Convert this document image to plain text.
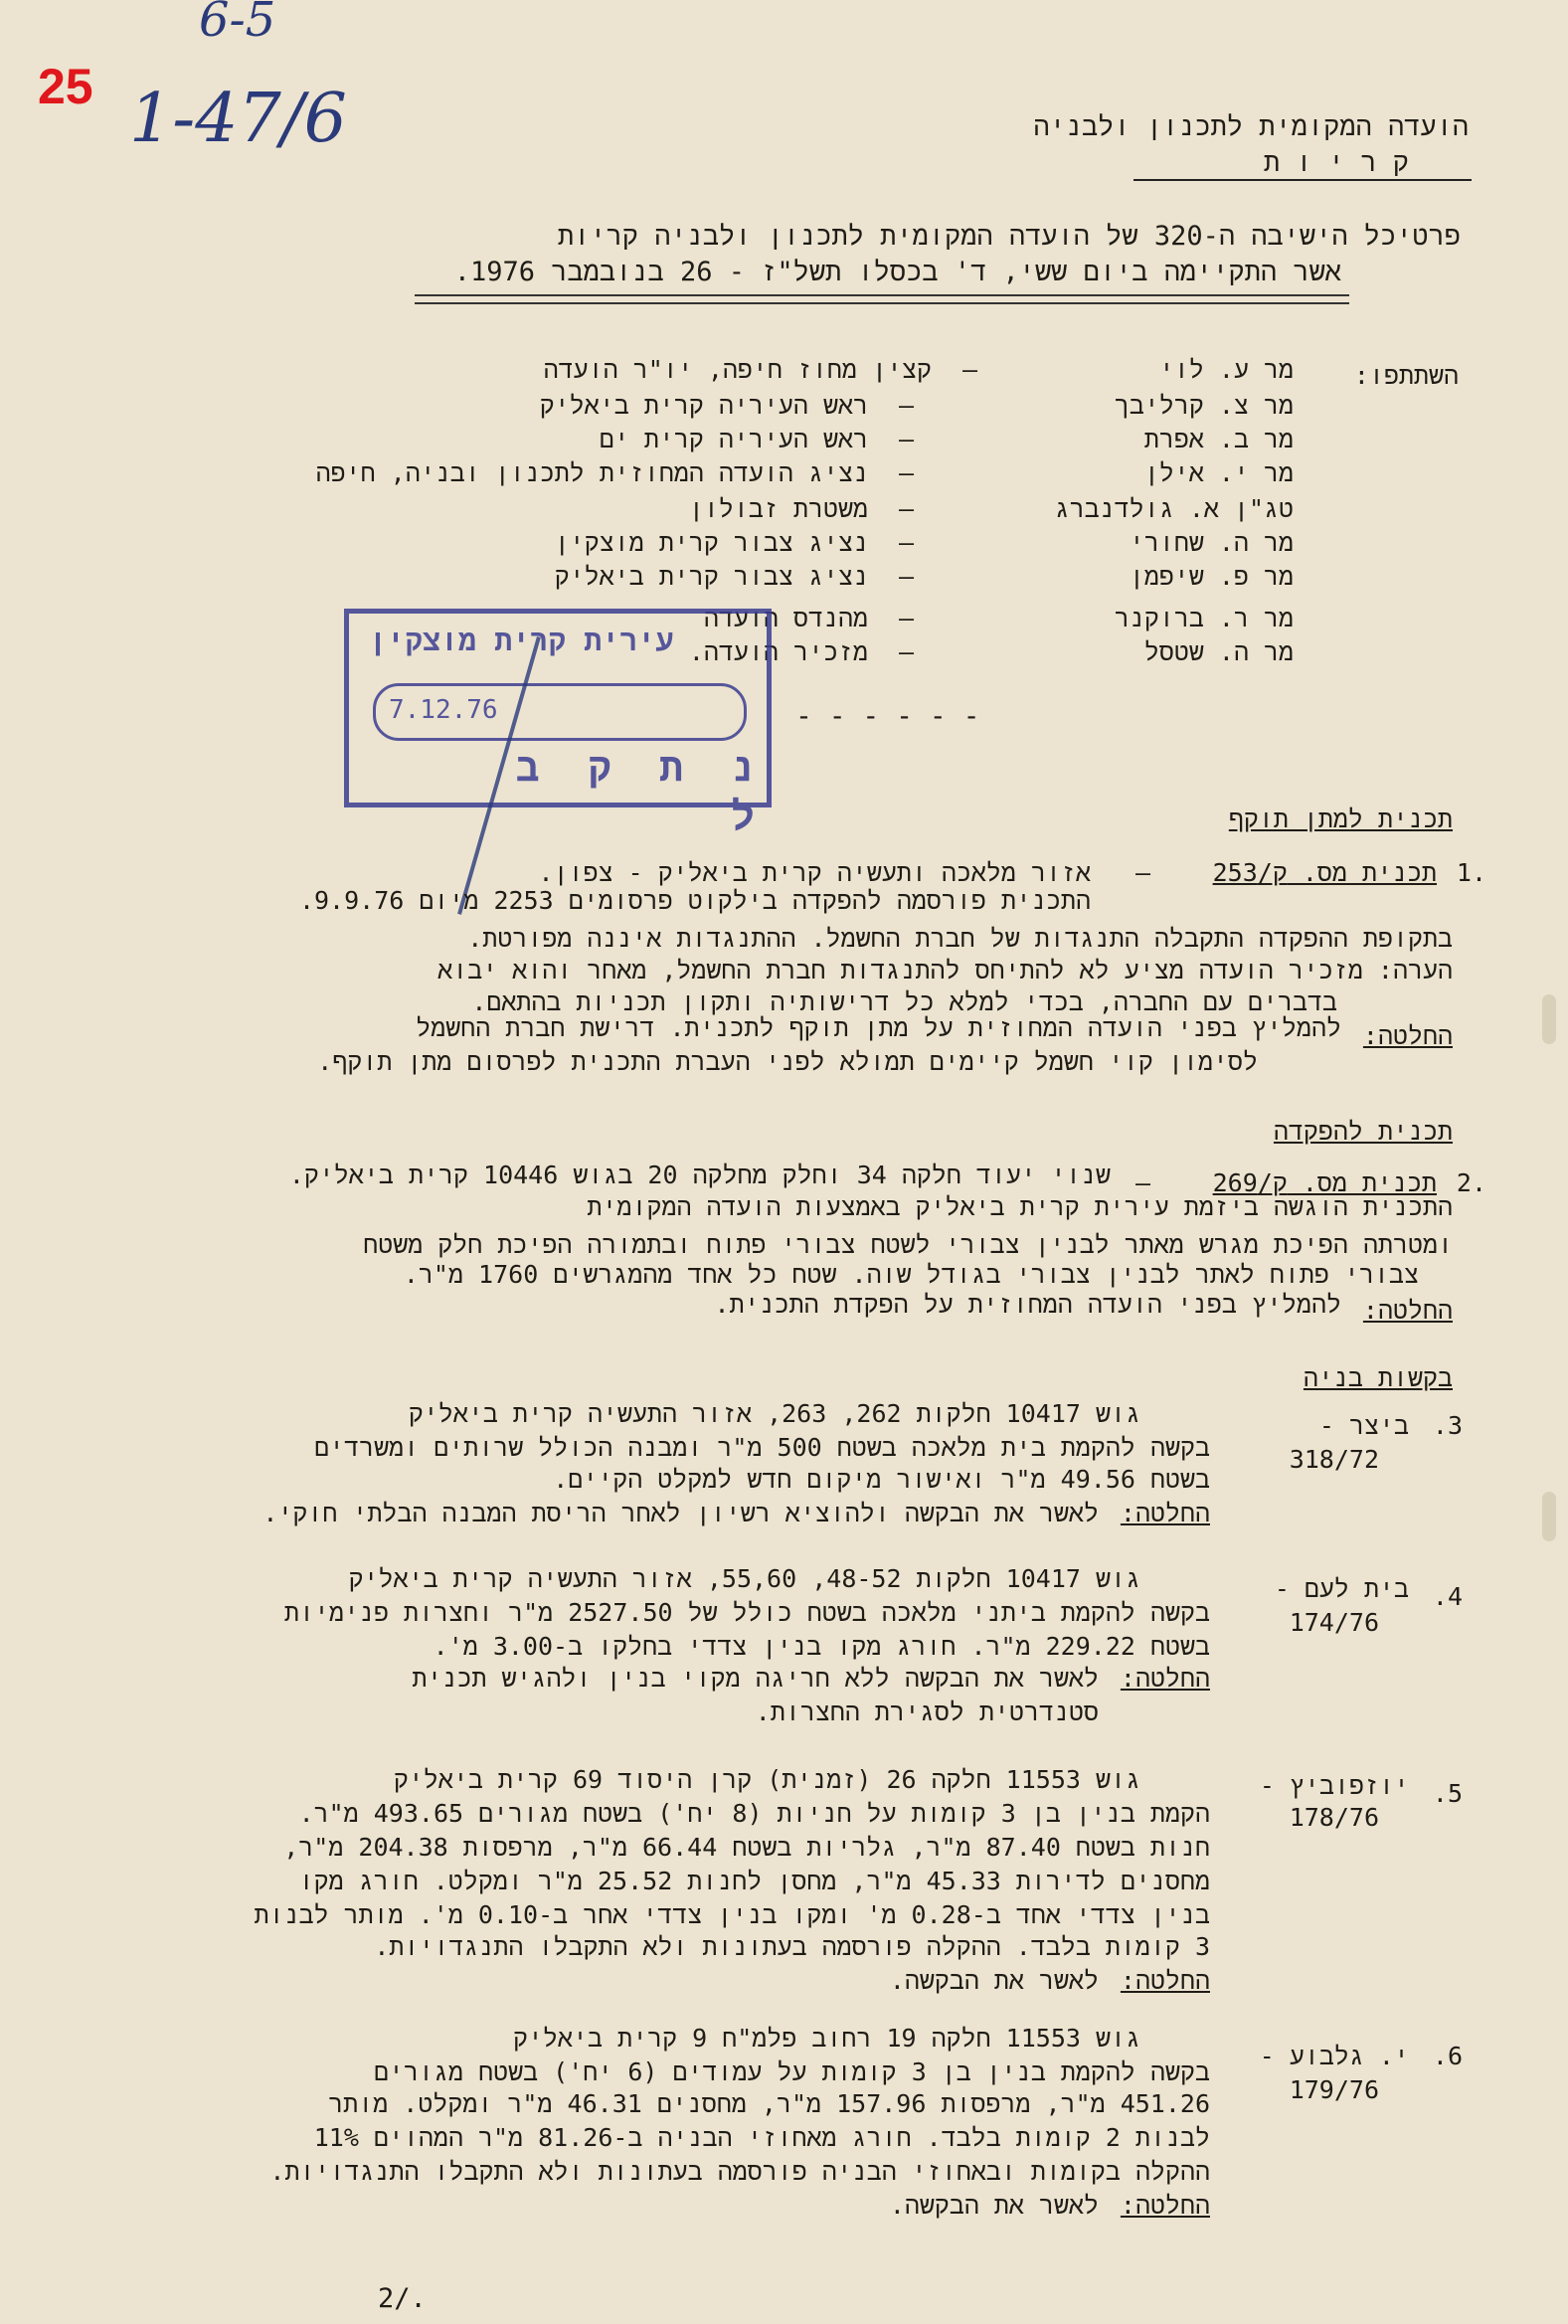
25
6-5
1-47/6	הועדה המקומית לתכנון ולבניה
ק ר י ו ת
פרטיכל הישיבה ה-320 של הועדה המקומית לתכנון ולבניה קריות
אשר התקיימה ביום ששי, ד' בכסלו תשל"ז - 26 בנובמבר 1976.
השתתפו:
מר ע. לוי
–
קצין מחוז חיפה, יו"ר הועדה
מר צ. קרליבך
–
ראש העיריה קרית ביאליק
מר ב. אפרת
–
ראש העיריה קרית ים
מר י. אילן
–
נציג הועדה המחוזית לתכנון ובניה, חיפה
טג"ן א. גולדנברג
–
משטרת זבולון
מר ה. שחורי
–
נציג צבור קרית מוצקין
מר פ. שיפמן
–
נציג צבור קרית ביאליק
מר ר. ברוקנר
–
מהנדס הועדה
מר ה. שטסל
–
מזכיר הועדה.
עירית קרית מוצקין
7.12.76
נ ת ק ב ל
- - - - - -
תכנית למתן תוקף
1.
תכנית מס. ק/253
–
אזור מלאכה ותעשיה קרית ביאליק - צפון.
התכנית פורסמה להפקדה בילקוט פרסומים 2253 מיום 9.9.76.
בתקופת ההפקדה התקבלה התנגדות של חברת החשמל. ההתנגדות איננה מפורטת.
הערה: מזכיר הועדה מציע לא להתיחס להתנגדות חברת החשמל, מאחר והוא יבוא
בדברים עם החברה, בכדי למלא כל דרישותיה ותקון תכניות בהתאם.
החלטה:
להמליץ בפני הועדה המחוזית על מתן תוקף לתכנית. דרישת חברת החשמל
לסימון קוי חשמל קיימים תמולא לפני העברת התכנית לפרסום מתן תוקף.
תכנית להפקדה
2.
תכנית מס. ק/269
–
שנוי יעוד חלקה 34 וחלק מחלקה 20 בגוש 10446 קרית ביאליק.
התכנית הוגשה ביזמת עירית קרית ביאליק באמצעות הועדה המקומית
ומטרתה הפיכת מגרש מאתר לבנין צבורי לשטח צבורי פתוח ובתמורה הפיכת חלק משטח
צבורי פתוח לאתר לבנין צבורי בגודל שוה. שטח כל אחד מהמגרשים 1760 מ"ר.
החלטה:
להמליץ בפני הועדה המחוזית על הפקדת התכנית.
בקשות בניה
.3
ביצר -
318/72
גוש 10417 חלקות 262, 263, אזור התעשיה קרית ביאליק
בקשה להקמת בית מלאכה בשטח 500 מ"ר ומבנה הכולל שרותים ומשרדים
בשטח 49.56 מ"ר ואישור מיקום חדש למקלט הקיים.
החלטה:
לאשר את הבקשה ולהוציא רשיון לאחר הריסת המבנה הבלתי חוקי.
.4
בית לעם -
174/76
גוש 10417 חלקות 48-52, 55,60, אזור התעשיה קרית ביאליק
בקשה להקמת ביתני מלאכה בשטח כולל של 2527.50 מ"ר וחצרות פנימיות
בשטח 229.22 מ"ר. חורג מקו בנין צדדי בחלקו ב-3.00 מ'.
החלטה:
לאשר את הבקשה ללא חריגה מקוי בנין ולהגיש תכנית
סטנדרטית לסגירת החצרות.
.5
יוזפוביץ -
178/76
גוש 11553 חלקה 26 (זמנית) קרן היסוד 69 קרית ביאליק
הקמת בנין בן 3 קומות על חניות (8 יח') בשטח מגורים 493.65 מ"ר.
חנות בשטח 87.40 מ"ר, גלריות בשטח 66.44 מ"ר, מרפסות 204.38 מ"ר,
מחסנים לדירות 45.33 מ"ר, מחסן לחנות 25.52 מ"ר ומקלט. חורג מקו
בנין צדדי אחד ב-0.28 מ' ומקו בנין צדדי אחר ב-0.10 מ'. מותר לבנות
3 קומות בלבד. ההקלה פורסמה בעתונות ולא התקבלו התנגדויות.
החלטה:
לאשר את הבקשה.
.6
י. גלבוע -
179/76
גוש 11553 חלקה 19 רחוב פלמ"ח 9 קרית ביאליק
בקשה להקמת בנין בן 3 קומות על עמודים (6 יח') בשטח מגורים
451.26 מ"ר, מרפסות 157.96 מ"ר, מחסנים 46.31 מ"ר ומקלט. מותר
לבנות 2 קומות בלבד. חורג מאחוזי הבניה ב-81.26 מ"ר המהוים 11%
ההקלה בקומות ובאחוזי הבניה פורסמה בעתונות ולא התקבלו התנגדויות.
החלטה:
לאשר את הבקשה.
2/.
